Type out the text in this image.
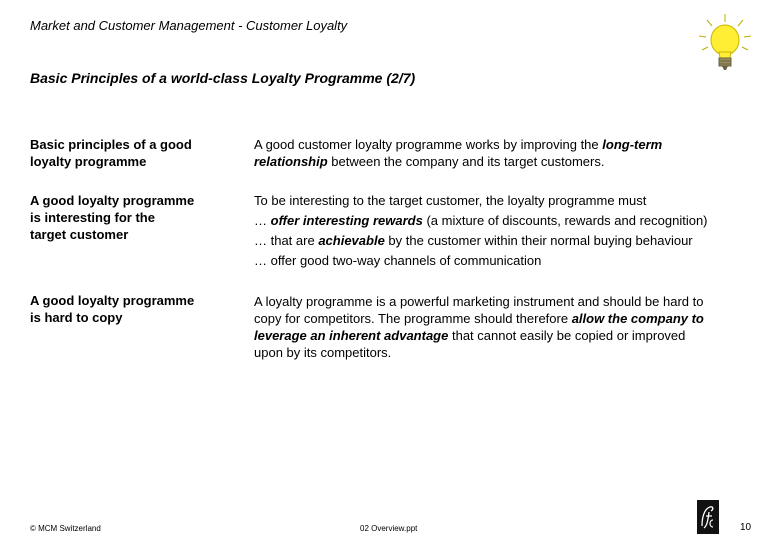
Market and Customer Management - Customer Loyalty
Basic Principles of a world-class Loyalty Programme (2/7)
Basic principles of a good
loyalty programme
A good customer loyalty programme works by improving the long-term
relationship between the company and its target customers.
A good loyalty programme
is interesting for the
target customer
To be interesting to the target customer, the loyalty programme must
… offer interesting rewards (a mixture of discounts, rewards and recognition)
… that are achievable by the customer within their normal buying behaviour
… offer good two-way channels of communication
A good loyalty programme
is hard to copy
A loyalty programme is a powerful marketing instrument and should be hard to
copy for competitors. The programme should therefore allow the company to
leverage an inherent advantage that cannot easily be copied or improved
upon by its competitors.
© MCM Switzerland	02 Overview.ppt	10
